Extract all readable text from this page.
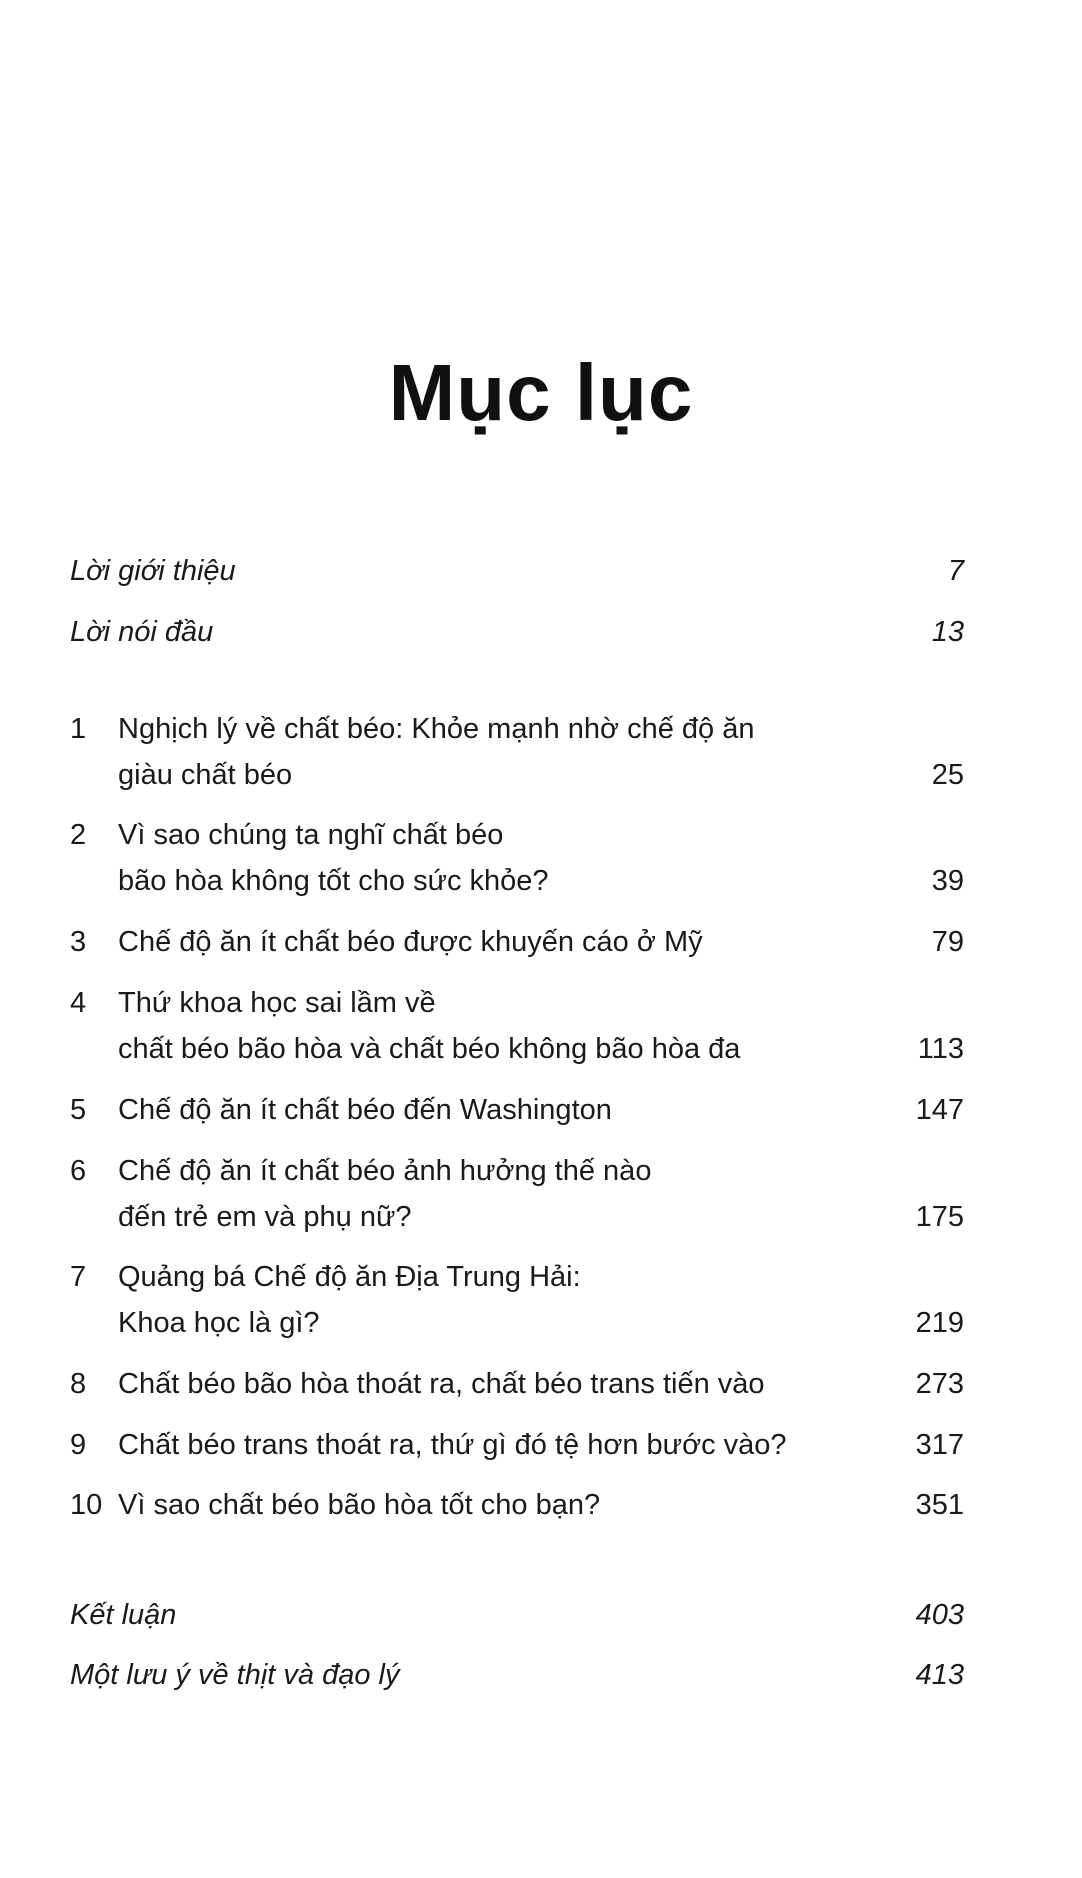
Mục lục
Lời giới thiệu	7
Lời nói đầu	13
1 Nghịch lý về chất béo: Khỏe mạnh nhờ chế độ ăn
giàu chất béo	25
2 Vì sao chúng ta nghĩ chất béo
bão hòa không tốt cho sức khỏe?	39
3 Chế độ ăn ít chất béo được khuyến cáo ở Mỹ	79
4 Thứ khoa học sai lầm về
chất béo bão hòa và chất béo không bão hòa đa	113
5 Chế độ ăn ít chất béo đến Washington	147
6 Chế độ ăn ít chất béo ảnh hưởng thế nào
đến trẻ em và phụ nữ?	175
7 Quảng bá Chế độ ăn Địa Trung Hải:
Khoa học là gì?	219
8 Chất béo bão hòa thoát ra, chất béo trans tiến vào	273
9 Chất béo trans thoát ra, thứ gì đó tệ hơn bước vào?	317
10 Vì sao chất béo bão hòa tốt cho bạn?	351
Kết luận	403
Một lưu ý về thịt và đạo lý	413
